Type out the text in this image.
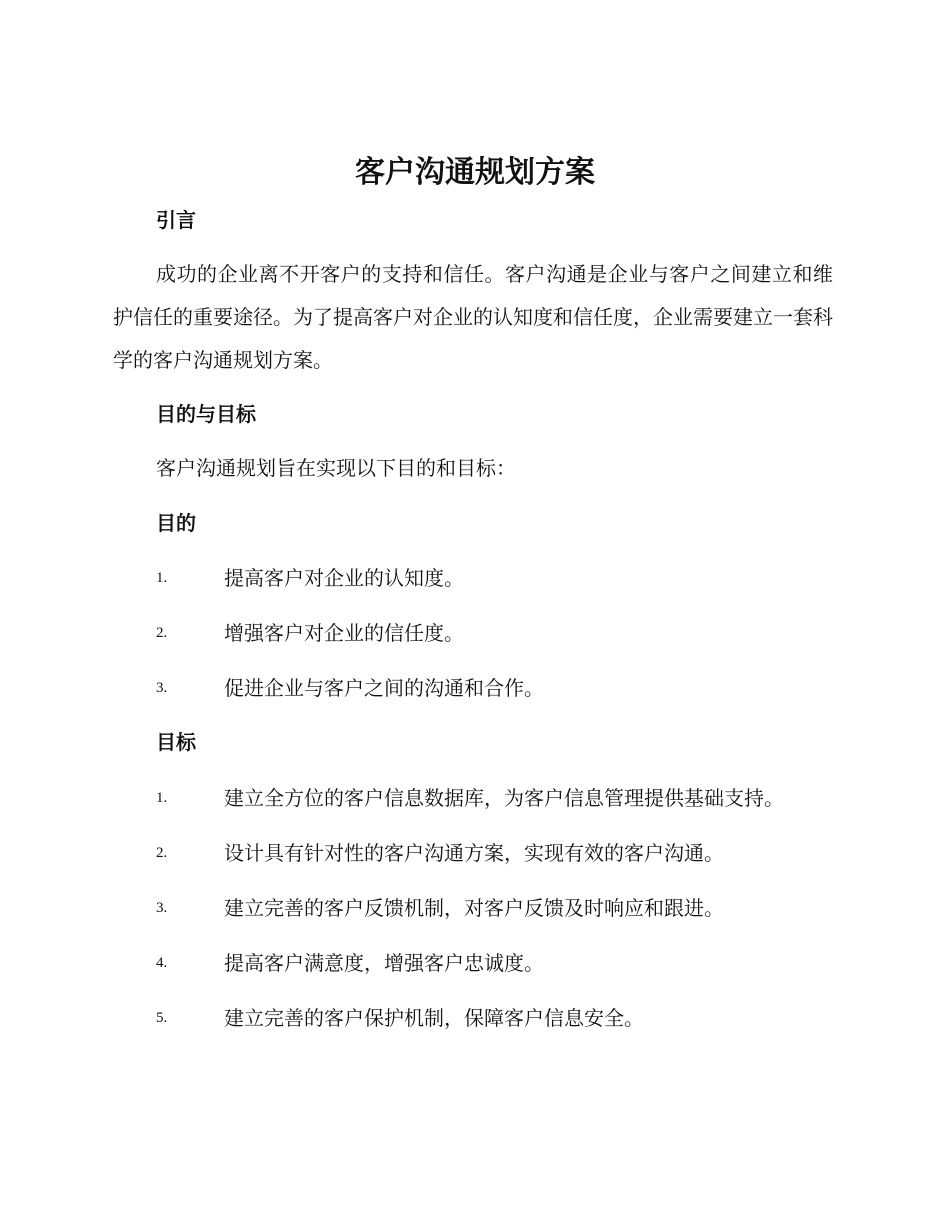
客户沟通规划方案
引言
成功的企业离不开客户的支持和信任。客户沟通是企业与客户之间建立和维护信任的重要途径。为了提高客户对企业的认知度和信任度，企业需要建立一套科学的客户沟通规划方案。
目的与目标
客户沟通规划旨在实现以下目的和目标：
目的
1.	提高客户对企业的认知度。
2.	增强客户对企业的信任度。
3.	促进企业与客户之间的沟通和合作。
目标
1.	建立全方位的客户信息数据库，为客户信息管理提供基础支持。
2.	设计具有针对性的客户沟通方案，实现有效的客户沟通。
3.	建立完善的客户反馈机制，对客户反馈及时响应和跟进。
4.	提高客户满意度，增强客户忠诚度。
5.	建立完善的客户保护机制，保障客户信息安全。
